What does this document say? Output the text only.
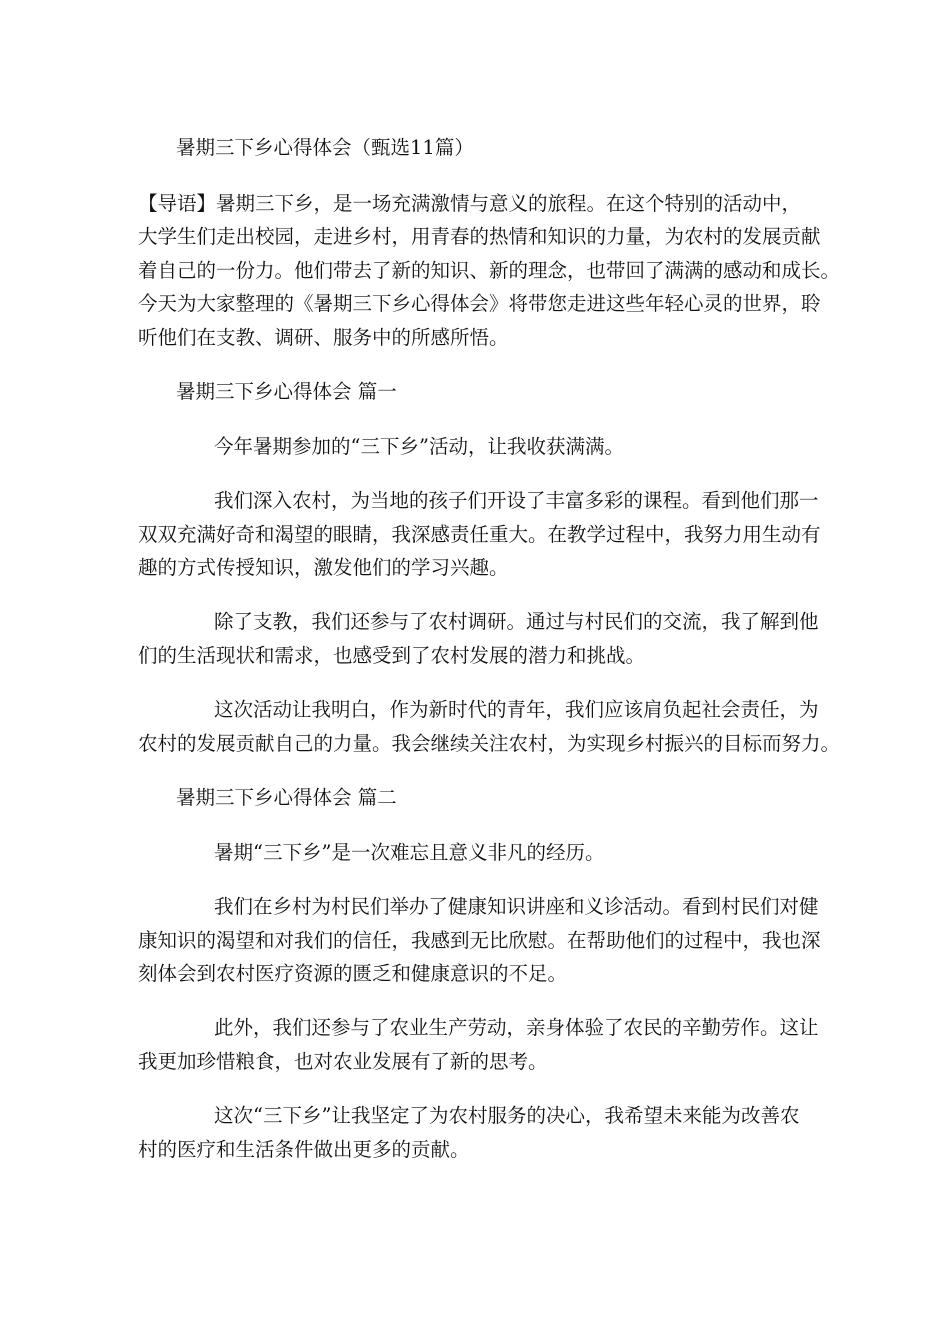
暑期三下乡心得体会（甄选11篇）
【导语】暑期三下乡，是一场充满激情与意义的旅程。在这个特别的活动中，
大学生们走出校园，走进乡村，用青春的热情和知识的力量，为农村的发展贡献
着自己的一份力。他们带去了新的知识、新的理念，也带回了满满的感动和成长。
今天为大家整理的《暑期三下乡心得体会》将带您走进这些年轻心灵的世界，聆
听他们在支教、调研、服务中的所感所悟。
暑期三下乡心得体会 篇一
今年暑期参加的“三下乡”活动，让我收获满满。
我们深入农村，为当地的孩子们开设了丰富多彩的课程。看到他们那一
双双充满好奇和渴望的眼睛，我深感责任重大。在教学过程中，我努力用生动有
趣的方式传授知识，激发他们的学习兴趣。
除了支教，我们还参与了农村调研。通过与村民们的交流，我了解到他
们的生活现状和需求，也感受到了农村发展的潜力和挑战。
这次活动让我明白，作为新时代的青年，我们应该肩负起社会责任，为
农村的发展贡献自己的力量。我会继续关注农村，为实现乡村振兴的目标而努力。
暑期三下乡心得体会 篇二
暑期“三下乡”是一次难忘且意义非凡的经历。
我们在乡村为村民们举办了健康知识讲座和义诊活动。看到村民们对健
康知识的渴望和对我们的信任，我感到无比欣慰。在帮助他们的过程中，我也深
刻体会到农村医疗资源的匮乏和健康意识的不足。
此外，我们还参与了农业生产劳动，亲身体验了农民的辛勤劳作。这让
我更加珍惜粮食，也对农业发展有了新的思考。
这次“三下乡”让我坚定了为农村服务的决心，我希望未来能为改善农
村的医疗和生活条件做出更多的贡献。
